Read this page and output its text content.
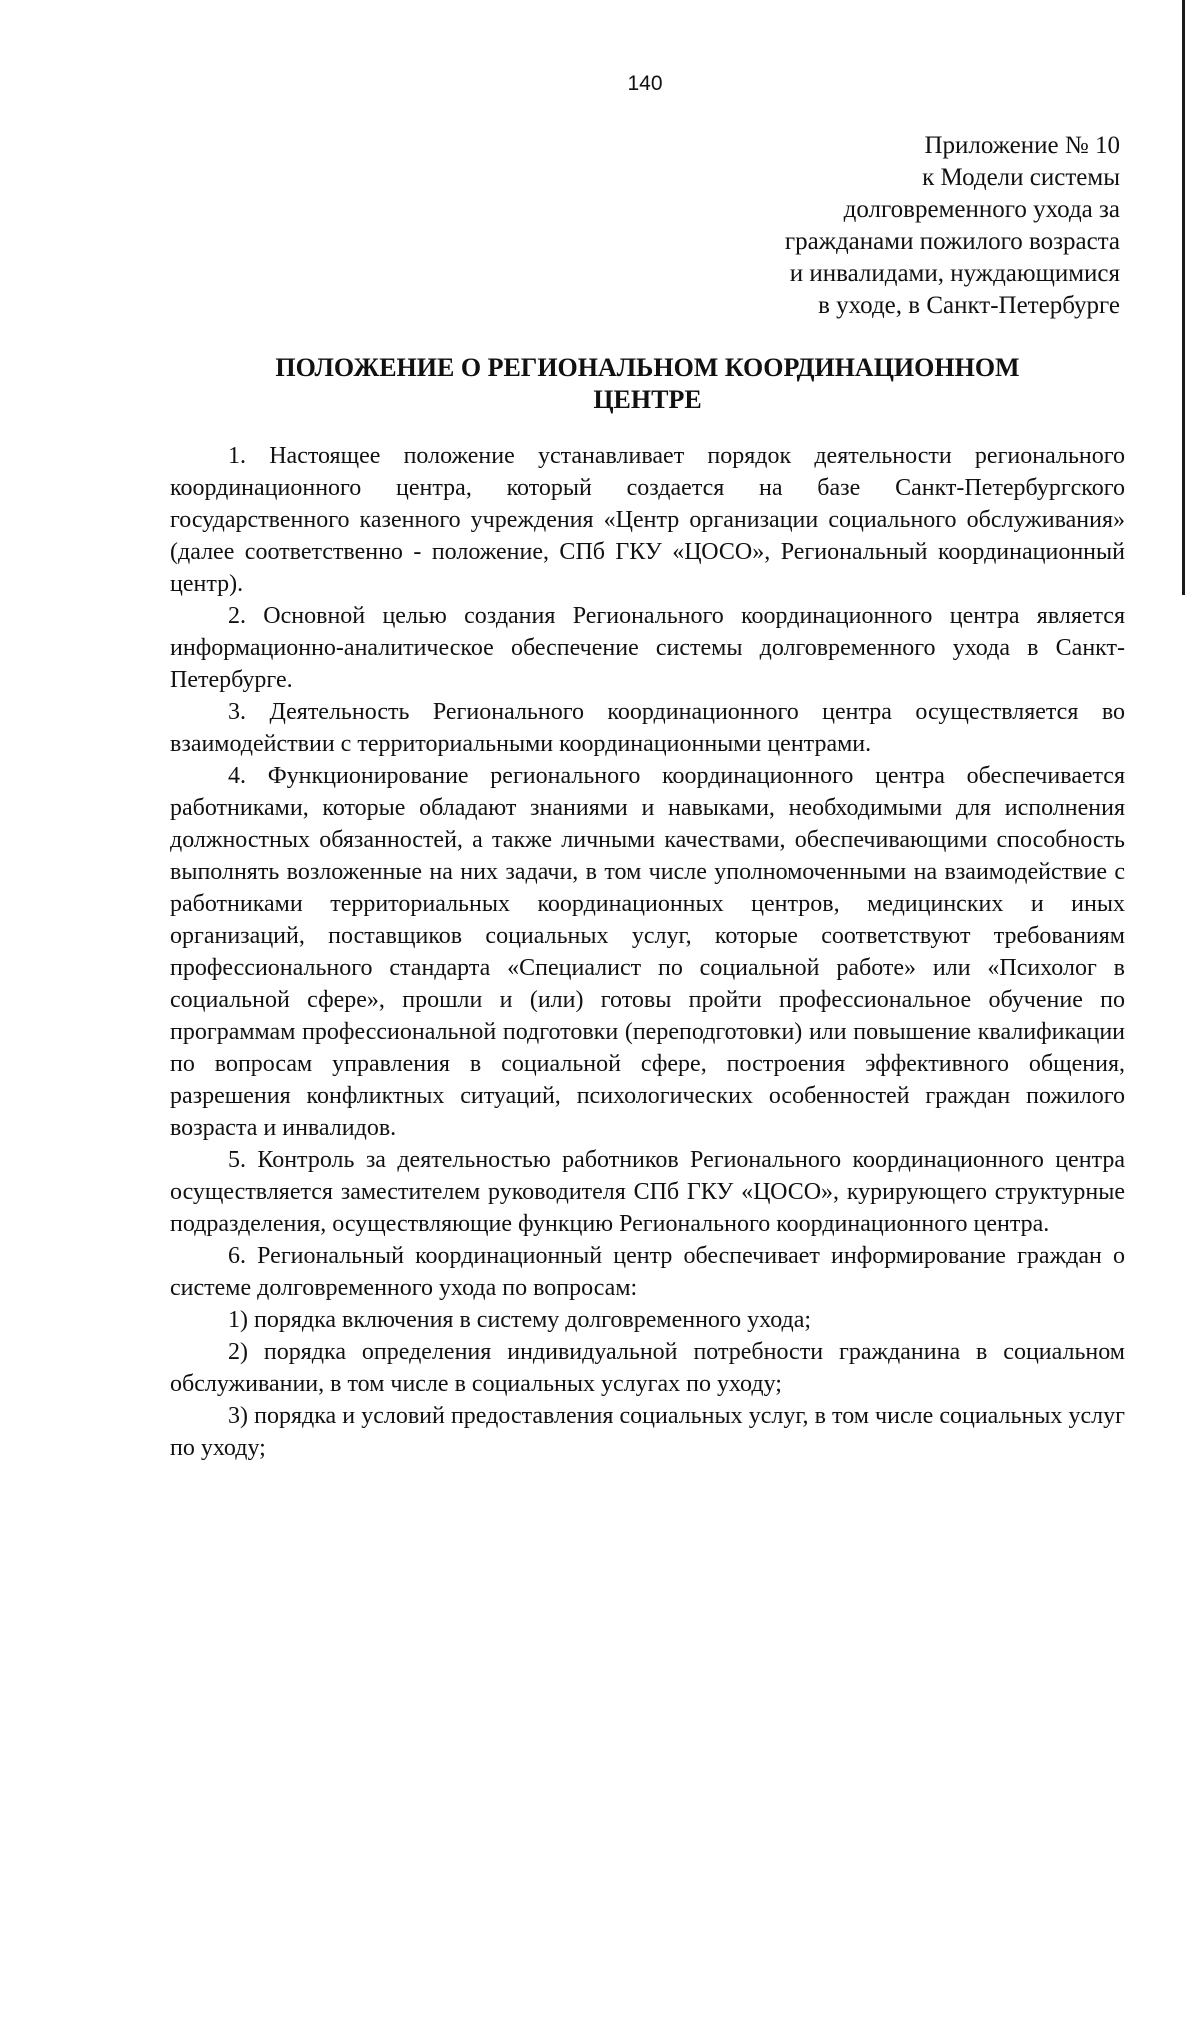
140
Приложение № 10
к Модели системы
долговременного ухода за
гражданами пожилого возраста
и инвалидами, нуждающимися
в уходе, в Санкт-Петербурге
ПОЛОЖЕНИЕ О РЕГИОНАЛЬНОМ КООРДИНАЦИОННОМ
ЦЕНТРЕ

1. Настоящее положение устанавливает порядок деятельности регионального координационного центра, который создается на базе Санкт-Петербургского государственного казенного учреждения «Центр организации социального обслуживания» (далее соответственно - положение, СПб ГКУ «ЦОСО», Региональный координационный центр).

2. Основной целью создания Регионального координационного центра является информационно-аналитическое обеспечение системы долговременного ухода в Санкт-Петербурге.

3. Деятельность Регионального координационного центра осуществляется во взаимодействии с территориальными координационными центрами.

4. Функционирование регионального координационного центра обеспечивается работниками, которые обладают знаниями и навыками, необходимыми для исполнения должностных обязанностей, а также личными качествами, обеспечивающими способность выполнять возложенные на них задачи, в том числе уполномоченными на взаимодействие с работниками территориальных координационных центров, медицинских и иных организаций, поставщиков социальных услуг, которые соответствуют требованиям профессионального стандарта «Специалист по социальной работе» или «Психолог в социальной сфере», прошли и (или) готовы пройти профессиональное обучение по программам профессиональной подготовки (переподготовки) или повышение квалификации по вопросам управления в социальной сфере, построения эффективного общения, разрешения конфликтных ситуаций, психологических особенностей граждан пожилого возраста и инвалидов.

5. Контроль за деятельностью работников Регионального координационного центра осуществляется заместителем руководителя СПб ГКУ «ЦОСО», курирующего структурные подразделения, осуществляющие функцию Регионального координационного центра.

6. Региональный координационный центр обеспечивает информирование граждан о системе долговременного ухода по вопросам:

1) порядка включения в систему долговременного ухода;

2) порядка определения индивидуальной потребности гражданина в социальном обслуживании, в том числе в социальных услугах по уходу;

3) порядка и условий предоставления социальных услуг, в том числе социальных услуг по уходу;
